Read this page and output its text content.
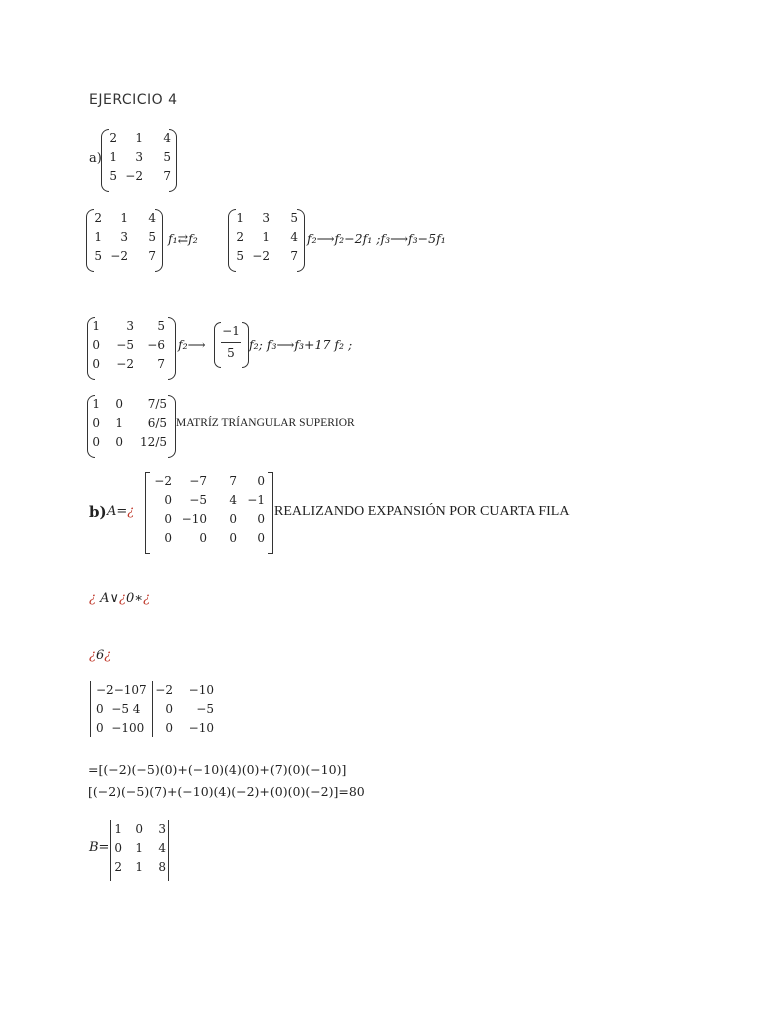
EJERCICIO 4
a)
2 1 4
1 3 5
5 −2 7
2 1 4
1 3 5
5 −2 7
f₁⇄f₂
1 3 5
2 1 4
5 −2 7
f₂⟶f₂−2f₁ ;f₃⟶f₃−5f₁
1 3 5
0 −5 −6
0 −2 7
f₂⟶
−1
5
f₂; f₃⟶f₃+17 f₂ ;
1 0 7/5
0 1 6/5
0 0 12/5
MATRÍZ TRÍANGULAR SUPERIOR
b) A=¿
−2 −7 7 0
0 −5 4 −1
0 −10 0 0
0 0 0 0
REALIZANDO EXPANSIÓN POR CUARTA FILA
¿ A∨¿0∗¿
¿6¿
−2−107 −2 −10
0  −5 4 0 −5
0  −100 0 −10
=[(−2)(−5)(0)+(−10)(4)(0)+(7)(0)(−10)]
[(−2)(−5)(7)+(−10)(4)(−2)+(0)(0)(−2)]=80
B=
1 0 3
0 1 4
2 1 8
